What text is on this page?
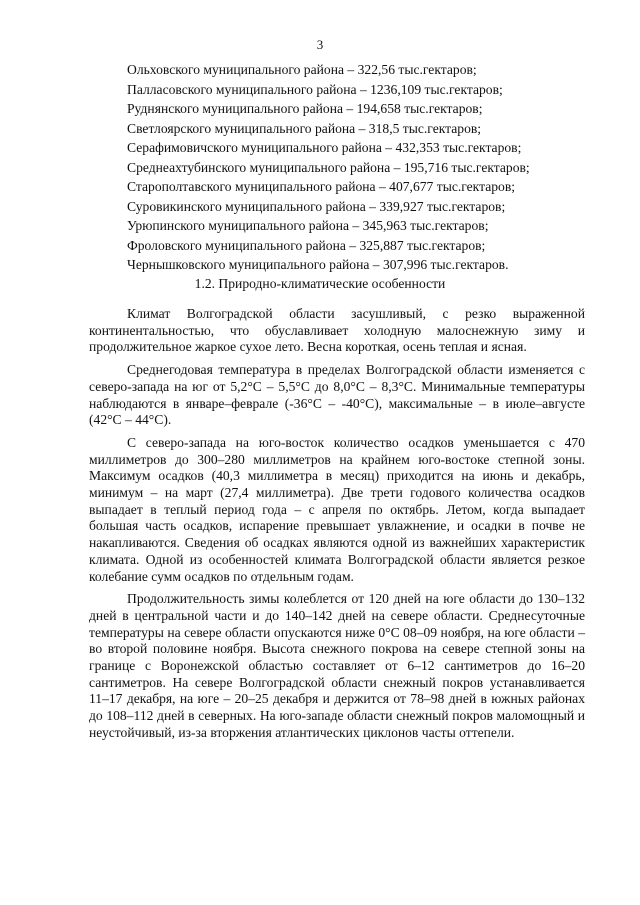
3
Ольховского муниципального района – 322,56 тыс.гектаров;
Палласовского муниципального района – 1236,109 тыс.гектаров;
Руднянского муниципального района – 194,658 тыс.гектаров;
Светлоярского муниципального района – 318,5 тыс.гектаров;
Серафимовичского муниципального района – 432,353 тыс.гектаров;
Среднеахтубинского муниципального района – 195,716 тыс.гектаров;
Старополтавского муниципального района – 407,677 тыс.гектаров;
Суровикинского муниципального района – 339,927 тыс.гектаров;
Урюпинского муниципального района – 345,963 тыс.гектаров;
Фроловского муниципального района – 325,887 тыс.гектаров;
Чернышковского муниципального района – 307,996 тыс.гектаров.
1.2. Природно-климатические особенности

Климат Волгоградской области засушливый, с резко выраженной континентальностью, что обуславливает холодную малоснежную зиму и продолжительное жаркое сухое лето. Весна короткая, осень теплая и ясная.

Среднегодовая температура в пределах Волгоградской области изменяется с северо-запада на юг от 5,2°С – 5,5°С до 8,0°С – 8,3°С. Минимальные температуры наблюдаются в январе–феврале (-36°С – -40°С), максимальные – в июле–августе (42°С – 44°С).

С северо-запада на юго-восток количество осадков уменьшается с 470 миллиметров до 300–280 миллиметров на крайнем юго-востоке степной зоны. Максимум осадков (40,3 миллиметра в месяц) приходится на июнь и декабрь, минимум – на март (27,4 миллиметра). Две трети годового количества осадков выпадает в теплый период года – с апреля по октябрь. Летом, когда выпадает большая часть осадков, испарение превышает увлажнение, и осадки в почве не накапливаются. Сведения об осадках являются одной из важнейших характеристик климата. Одной из особенностей климата Волгоградской области является резкое колебание сумм осадков по отдельным годам.

Продолжительность зимы колеблется от 120 дней на юге области до 130–132 дней в центральной части и до 140–142 дней на севере области. Среднесуточные температуры на севере области опускаются ниже 0°С 08–09 ноября, на юге области – во второй половине ноября. Высота снежного покрова на севере степной зоны на границе с Воронежской областью составляет от 6–12 сантиметров до 16–20 сантиметров. На севере Волгоградской области снежный покров устанавливается 11–17 декабря, на юге – 20–25 декабря и держится от 78–98 дней в южных районах до 108–112 дней в северных. На юго-западе области снежный покров маломощный и неустойчивый, из-за вторжения атлантических циклонов часты оттепели.
